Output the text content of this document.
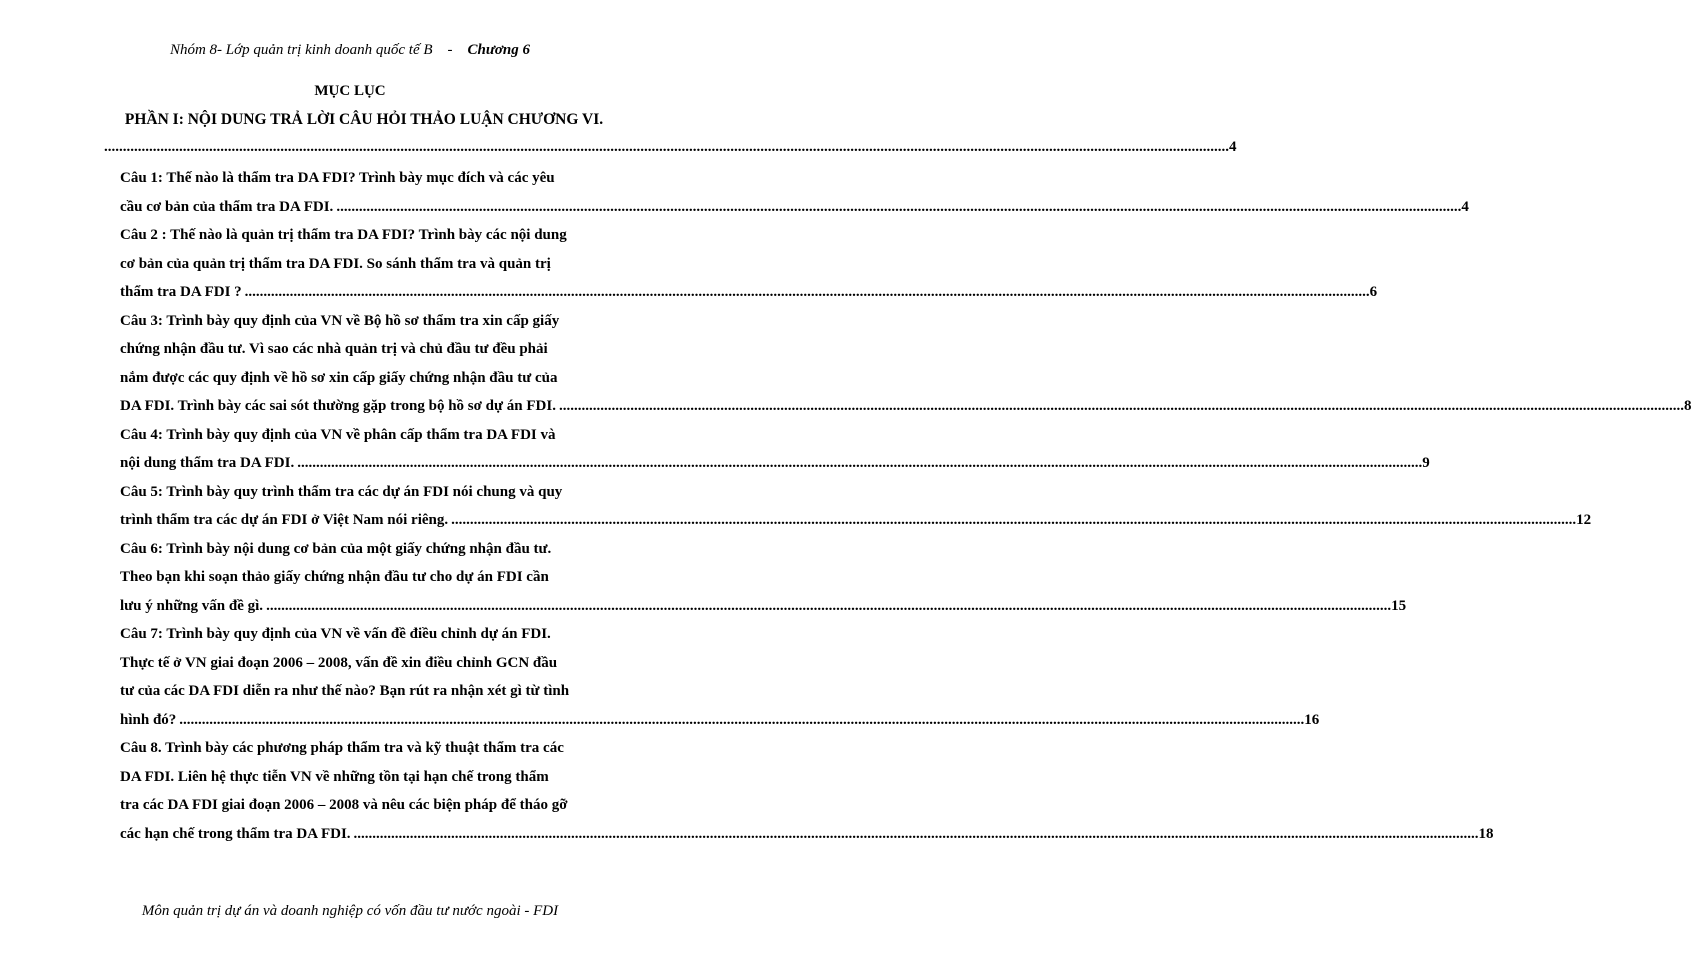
Nhóm 8- Lớp quản trị kinh doanh quốc tế B - Chương 6
MỤC LỤC
PHẦN I: NỘI DUNG TRẢ LỜI CÂU HỎI THẢO LUẬN CHƯƠNG VI.
............................................................................................................................................................................................................................................................................................................ 4
Câu 1: Thế nào là thẩm tra DA FDI? Trình bày mục đích và các yêu
cầu cơ bản của thẩm tra DA FDI. ............................................................................................................................................................................................................................................................................................................ 4
Câu 2 : Thế nào là quản trị thẩm tra DA FDI? Trình bày các nội dung
cơ bản của quản trị thẩm tra DA FDI. So sánh thẩm tra và quản trị
thẩm tra DA FDI ? ............................................................................................................................................................................................................................................................................................................ 6
Câu 3: Trình bày quy định của VN về Bộ hồ sơ thẩm tra xin cấp giấy
chứng nhận đầu tư. Vì sao các nhà quản trị và chủ đầu tư đều phải
nắm được các quy định về hồ sơ xin cấp giấy chứng nhận đầu tư của
DA FDI. Trình bày các sai sót thường gặp trong bộ hồ sơ dự án FDI. ............................................................................................................................................................................................................................................................................................................ 8
Câu 4: Trình bày quy định của VN về phân cấp thẩm tra DA FDI và
nội dung thẩm tra DA FDI. ............................................................................................................................................................................................................................................................................................................ 9
Câu 5: Trình bày quy trình thẩm tra các dự án FDI nói chung và quy
trình thẩm tra các dự án FDI ở Việt Nam nói riêng. ............................................................................................................................................................................................................................................................................................................ 12
Câu 6: Trình bày nội dung cơ bản của một giấy chứng nhận đầu tư.
Theo bạn khi soạn thảo giấy chứng nhận đầu tư cho dự án FDI cần
lưu ý những vấn đề gì. ............................................................................................................................................................................................................................................................................................................ 15
Câu 7: Trình bày quy định của VN về vấn đề điều chỉnh dự án FDI.
Thực tế ở VN giai đoạn 2006 – 2008, vấn đề xin điều chỉnh GCN đầu
tư của các DA FDI diễn ra như thế nào? Bạn rút ra nhận xét gì từ tình
hình đó? ............................................................................................................................................................................................................................................................................................................ 16
Câu 8. Trình bày các phương pháp thẩm tra và kỹ thuật thẩm tra các
DA FDI. Liên hệ thực tiễn VN về những tồn tại hạn chế trong thẩm
tra các DA FDI giai đoạn 2006 – 2008 và nêu các biện pháp để tháo gỡ
các hạn chế trong thẩm tra DA FDI. ............................................................................................................................................................................................................................................................................................................ 18
Môn quản trị dự án và doanh nghiệp có vốn đầu tư nước ngoài - FDI
